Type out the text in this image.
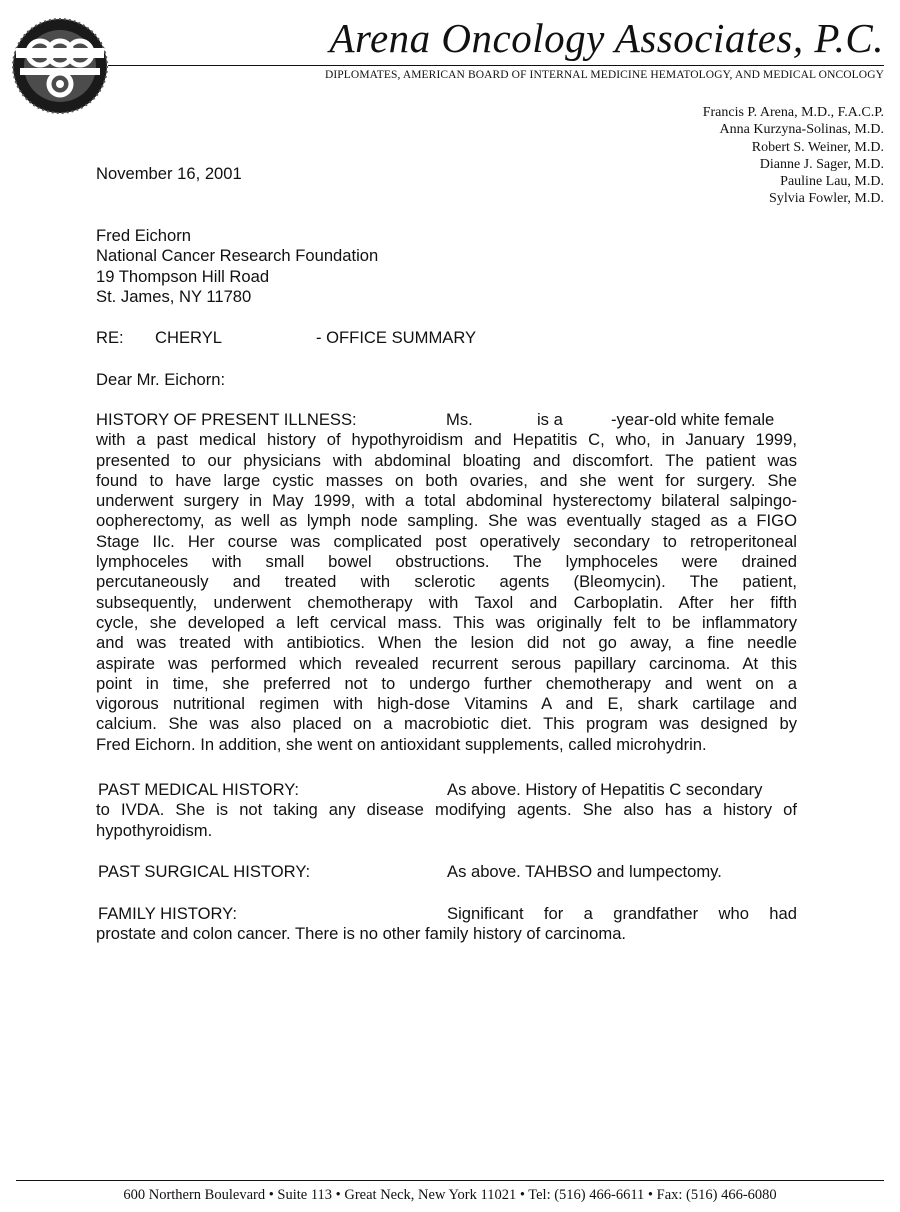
Arena Oncology Associates, P.C.
DIPLOMATES, AMERICAN BOARD OF INTERNAL MEDICINE HEMATOLOGY, AND MEDICAL ONCOLOGY
Francis P. Arena, M.D., F.A.C.P.
Anna Kurzyna-Solinas, M.D.
Robert S. Weiner, M.D.
Dianne J. Sager, M.D.
Pauline Lau, M.D.
Sylvia Fowler, M.D.
November 16, 2001
Fred Eichorn
National Cancer Research Foundation
19 Thompson Hill Road
St. James, NY 11780
RE: CHERYL	- OFFICE SUMMARY
Dear Mr. Eichorn:
HISTORY OF PRESENT ILLNESS:	Ms.	is a	-year-old white female
with a past medical history of hypothyroidism and Hepatitis C, who, in January 1999,
presented to our physicians with abdominal bloating and discomfort. The patient was
found to have large cystic masses on both ovaries, and she went for surgery. She
underwent surgery in May 1999, with a total abdominal hysterectomy bilateral salpingo-
oopherectomy, as well as lymph node sampling. She was eventually staged as a FIGO
Stage IIc. Her course was complicated post operatively secondary to retroperitoneal
lymphoceles with small bowel obstructions. The lymphoceles were drained
percutaneously and treated with sclerotic agents (Bleomycin). The patient,
subsequently, underwent chemotherapy with Taxol and Carboplatin. After her fifth
cycle, she developed a left cervical mass. This was originally felt to be inflammatory
and was treated with antibiotics. When the lesion did not go away, a fine needle
aspirate was performed which revealed recurrent serous papillary carcinoma. At this
point in time, she preferred not to undergo further chemotherapy and went on a
vigorous nutritional regimen with high-dose Vitamins A and E, shark cartilage and
calcium. She was also placed on a macrobiotic diet. This program was designed by
Fred Eichorn. In addition, she went on antioxidant supplements, called microhydrin.
PAST MEDICAL HISTORY:	As above. History of Hepatitis C secondary
to IVDA. She is not taking any disease modifying agents. She also has a history of
hypothyroidism.
PAST SURGICAL HISTORY:	As above. TAHBSO and lumpectomy.
FAMILY HISTORY:	Significant for a grandfather who had
prostate and colon cancer. There is no other family history of carcinoma.
600 Northern Boulevard • Suite 113 • Great Neck, New York 11021 • Tel: (516) 466-6611 • Fax: (516) 466-6080
